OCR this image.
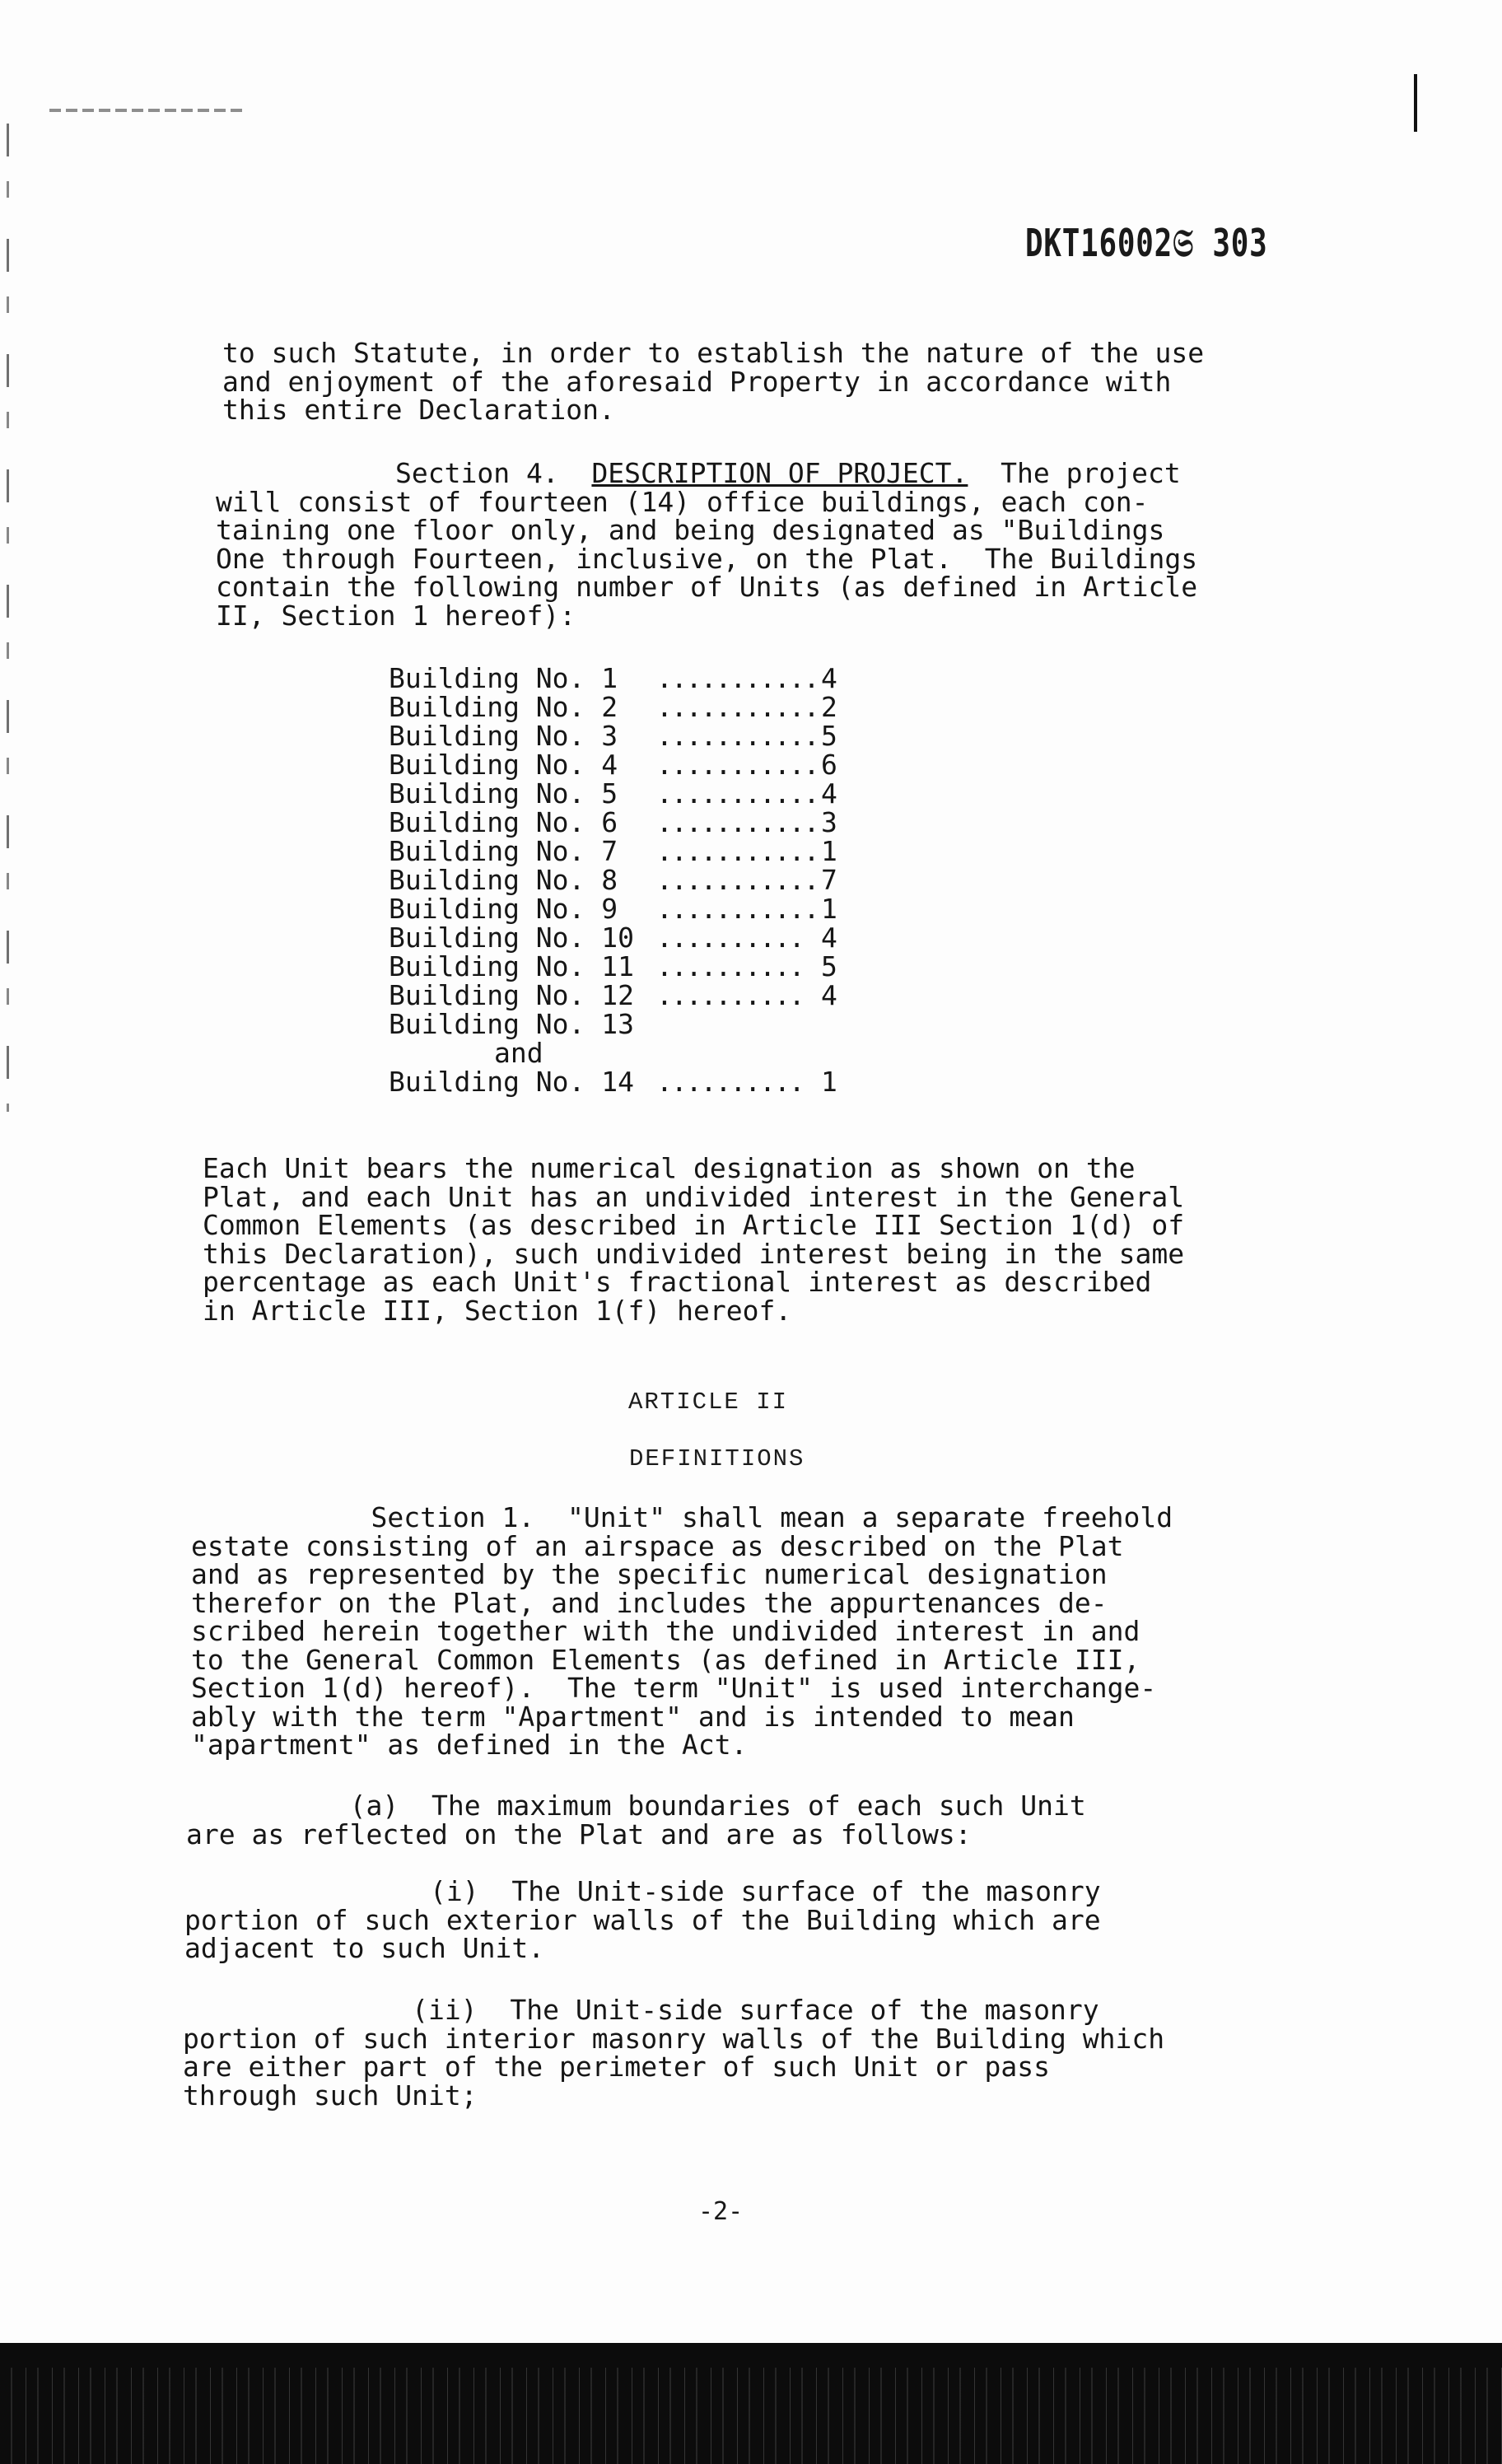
DKT16002𝔖 303
to such Statute, in order to establish the nature of the use
and enjoyment of the aforesaid Property in accordance with
this entire Declaration.
Section 4. DESCRIPTION OF PROJECT.  The project
will consist of fourteen (14) office buildings, each con-
taining one floor only, and being designated as "Buildings
One through Fourteen, inclusive, on the Plat.  The Buildings
contain the following number of Units (as defined in Article
II, Section 1 hereof):
Building No. 1	........... 4
Building No. 2	........... 2
Building No. 3	........... 5
Building No. 4	........... 6
Building No. 5	........... 4
Building No. 6	........... 3
Building No. 7	........... 1
Building No. 8	........... 7
Building No. 9	........... 1
Building No. 10 .......... 4
Building No. 11 .......... 5
Building No. 12 .......... 4
Building No. 13
and
Building No. 14 .......... 1
Each Unit bears the numerical designation as shown on the
Plat, and each Unit has an undivided interest in the General
Common Elements (as described in Article III Section 1(d) of
this Declaration), such undivided interest being in the same
percentage as each Unit's fractional interest as described
in Article III, Section 1(f) hereof.
ARTICLE II
DEFINITIONS
Section 1.  "Unit" shall mean a separate freehold
estate consisting of an airspace as described on the Plat
and as represented by the specific numerical designation
therefor on the Plat, and includes the appurtenances de-
scribed herein together with the undivided interest in and
to the General Common Elements (as defined in Article III,
Section 1(d) hereof).  The term "Unit" is used interchange-
ably with the term "Apartment" and is intended to mean
"apartment" as defined in the Act.
(a)  The maximum boundaries of each such Unit
are as reflected on the Plat and are as follows:
(i)  The Unit-side surface of the masonry
portion of such exterior walls of the Building which are
adjacent to such Unit.
(ii)  The Unit-side surface of the masonry
portion of such interior masonry walls of the Building which
are either part of the perimeter of such Unit or pass
through such Unit;
-2-
